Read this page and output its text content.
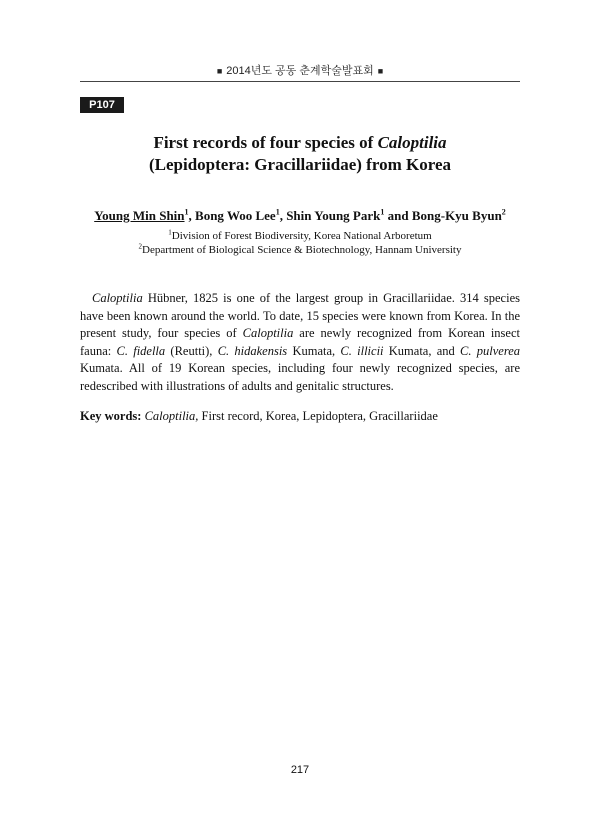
■ 2014년도 공동 춘계학술발표회 ■
P107
First records of four species of Caloptilia
(Lepidoptera: Gracillariidae) from Korea
Young Min Shin$^1$, Bong Woo Lee$^1$, Shin Young Park$^1$ and Bong-Kyu Byun$^2$
$^1$Division of Forest Biodiversity, Korea National Arboretum
$^2$Department of Biological Science & Biotechnology, Hannam University
Caloptilia Hübner, 1825 is one of the largest group in Gracillariidae. 314 species have been known around the world. To date, 15 species were known from Korea. In the present study, four species of Caloptilia are newly recognized from Korean insect fauna: C. fidella (Reutti), C. hidakensis Kumata, C. illicii Kumata, and C. pulverea Kumata. All of 19 Korean species, including four newly recognized species, are redescribed with illustrations of adults and genitalic structures.
Key words: Caloptilia, First record, Korea, Lepidoptera, Gracillariidae
217
